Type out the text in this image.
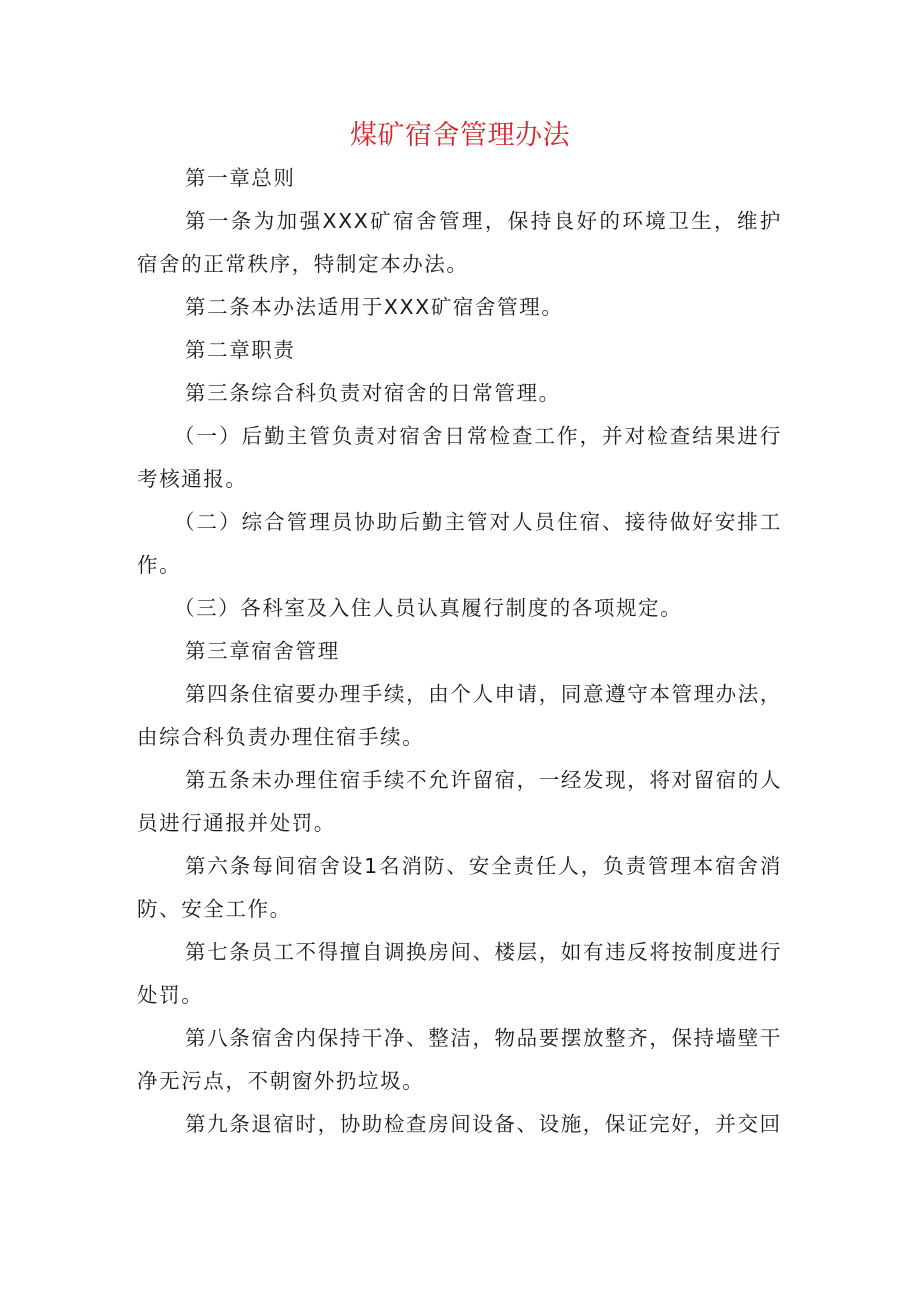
煤矿宿舍管理办法

第一章总则

第一条为加强XXX矿宿舍管理，保持良好的环境卫生，维护宿舍的正常秩序，特制定本办法。

第二条本办法适用于XXX矿宿舍管理。

第二章职责

第三条综合科负责对宿舍的日常管理。

（一）后勤主管负责对宿舍日常检查工作，并对检查结果进行考核通报。

（二）综合管理员协助后勤主管对人员住宿、接待做好安排工作。

（三）各科室及入住人员认真履行制度的各项规定。

第三章宿舍管理

第四条住宿要办理手续，由个人申请，同意遵守本管理办法，由综合科负责办理住宿手续。

第五条未办理住宿手续不允许留宿，一经发现，将对留宿的人员进行通报并处罚。

第六条每间宿舍设1名消防、安全责任人，负责管理本宿舍消防、安全工作。

第七条员工不得擅自调换房间、楼层，如有违反将按制度进行处罚。

第八条宿舍内保持干净、整洁，物品要摆放整齐，保持墙壁干净无污点，不朝窗外扔垃圾。

第九条退宿时，协助检查房间设备、设施，保证完好，并交回
